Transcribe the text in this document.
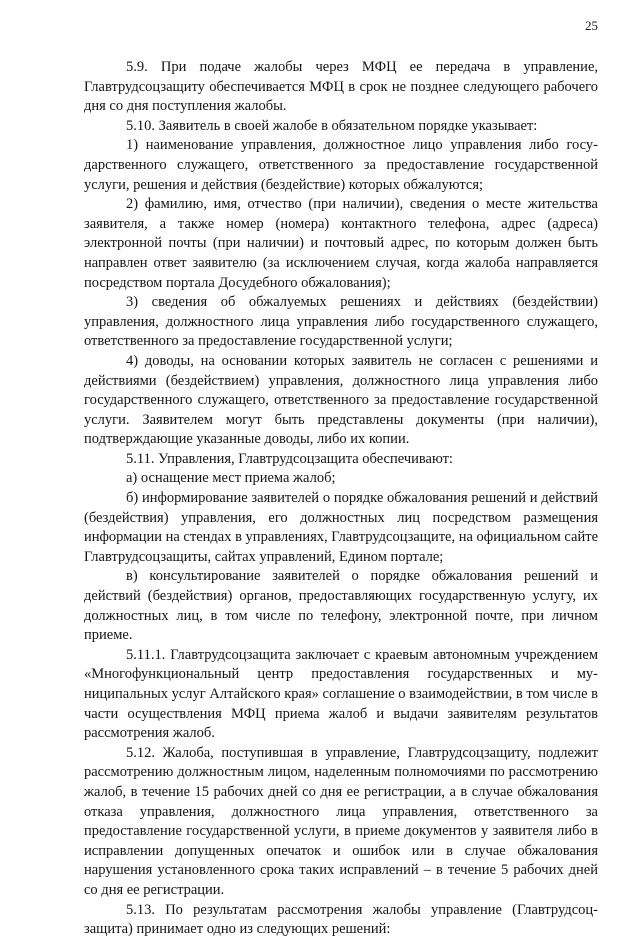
25

5.9. При подаче жалобы через МФЦ ее передача в управление, Главтрудсоцзащиту обеспечивается МФЦ в срок не позднее следующего рабочего дня со дня поступления жалобы.

5.10. Заявитель в своей жалобе в обязательном порядке указывает:

1) наименование управления, должностное лицо управления либо государственного служащего, ответственного за предоставление государственной услуги, решения и действия (бездействие) которых обжалуются;

2) фамилию, имя, отчество (при наличии), сведения о месте жительства заявителя, а также номер (номера) контактного телефона, адрес (адреса) электронной почты (при наличии) и почтовый адрес, по которым должен быть направлен ответ заявителю (за исключением случая, когда жалоба направляется посредством портала Досудебного обжалования);

3) сведения об обжалуемых решениях и действиях (бездействии) управления, должностного лица управления либо государственного служащего, ответственного за предоставление государственной услуги;

4) доводы, на основании которых заявитель не согласен с решениями и действиями (бездействием) управления, должностного лица управления либо государственного служащего, ответственного за предоставление государственной услуги. Заявителем могут быть представлены документы (при наличии), подтверждающие указанные доводы, либо их копии.

5.11. Управления, Главтрудсоцзащита обеспечивают:

а) оснащение мест приема жалоб;

б) информирование заявителей о порядке обжалования решений и действий (бездействия) управления, его должностных лиц посредством размещения информации на стендах в управлениях, Главтрудсоцзащите, на официальном сайте Главтрудсоцзащиты, сайтах управлений, Едином портале;

в) консультирование заявителей о порядке обжалования решений и действий (бездействия) органов, предоставляющих государственную услугу, их должностных лиц, в том числе по телефону, электронной почте, при личном приеме.

5.11.1. Главтрудсоцзащита заключает с краевым автономным учреждением «Многофункциональный центр предоставления государственных и муниципальных услуг Алтайского края» соглашение о взаимодействии, в том числе в части осуществления МФЦ приема жалоб и выдачи заявителям результатов рассмотрения жалоб.

5.12. Жалоба, поступившая в управление, Главтрудсоцзащиту, подлежит рассмотрению должностным лицом, наделенным полномочиями по рассмотрению жалоб, в течение 15 рабочих дней со дня ее регистрации, а в случае обжалования отказа управления, должностного лица управления, ответственного за предоставление государственной услуги, в приеме документов у заявителя либо в исправлении допущенных опечаток и ошибок или в случае обжалования нарушения установленного срока таких исправлений – в течение 5 рабочих дней со дня ее регистрации.

5.13. По результатам рассмотрения жалобы управление (Главтрудсоцзащита) принимает одно из следующих решений:
